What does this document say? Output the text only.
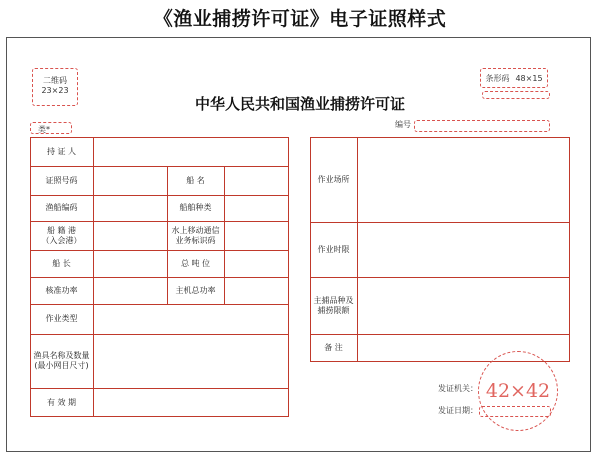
《渔业捕捞许可证》电子证照样式
二维码
23×23
条形码 48×15
中华人民共和国渔业捕捞许可证
类*
编号
持 证 人
证照号码
渔船编码
船 籍 港
（入会港）
船 长
核准功率
作业类型
渔具名称及数量
(最小网目尺寸)
有 效 期
船 名
船舶种类
水上移动通信
业务标识码
总 吨 位
主机总功率
作业场所
作业时限
主捕品种及
捕捞限额
备 注
42×42
发证机关：
发证日期：
